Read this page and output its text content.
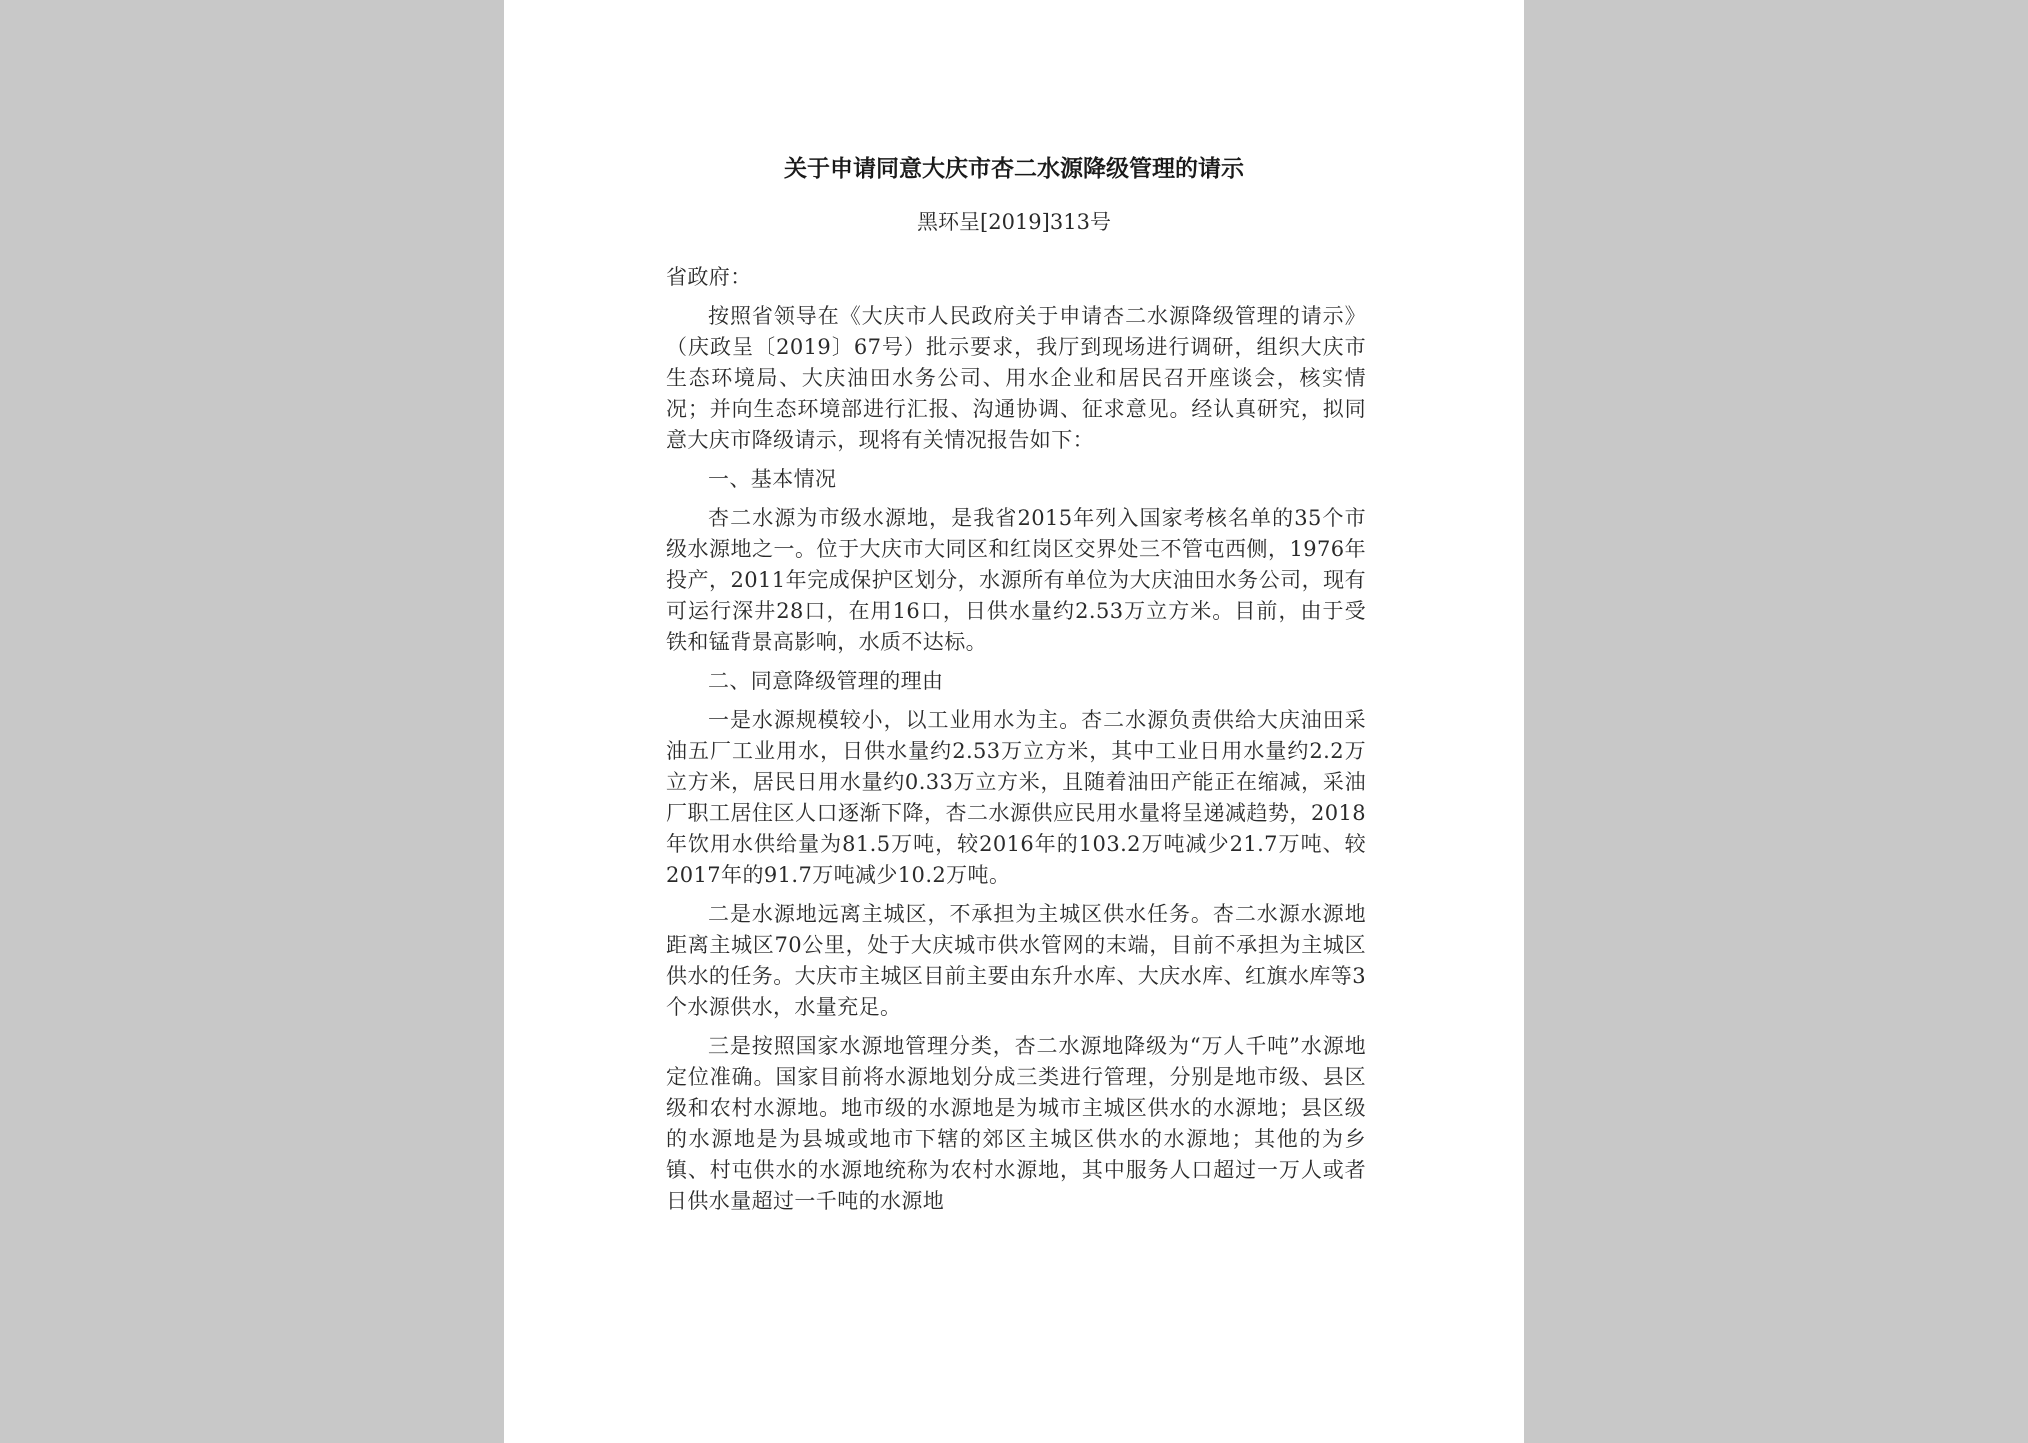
关于申请同意大庆市杏二水源降级管理的请示
黑环呈[2019]313号
省政府：
按照省领导在《大庆市人民政府关于申请杏二水源降级管理的请示》（庆政呈〔2019〕67号）批示要求，我厅到现场进行调研，组织大庆市生态环境局、大庆油田水务公司、用水企业和居民召开座谈会，核实情况；并向生态环境部进行汇报、沟通协调、征求意见。经认真研究，拟同意大庆市降级请示，现将有关情况报告如下：
一、基本情况
杏二水源为市级水源地，是我省2015年列入国家考核名单的35个市级水源地之一。位于大庆市大同区和红岗区交界处三不管屯西侧，1976年投产，2011年完成保护区划分，水源所有单位为大庆油田水务公司，现有可运行深井28口，在用16口，日供水量约2.53万立方米。目前，由于受铁和锰背景高影响，水质不达标。
二、同意降级管理的理由
一是水源规模较小，以工业用水为主。杏二水源负责供给大庆油田采油五厂工业用水，日供水量约2.53万立方米，其中工业日用水量约2.2万立方米，居民日用水量约0.33万立方米，且随着油田产能正在缩减，采油厂职工居住区人口逐渐下降，杏二水源供应民用水量将呈递减趋势，2018年饮用水供给量为81.5万吨，较2016年的103.2万吨减少21.7万吨、较2017年的91.7万吨减少10.2万吨。
二是水源地远离主城区，不承担为主城区供水任务。杏二水源水源地距离主城区70公里，处于大庆城市供水管网的末端，目前不承担为主城区供水的任务。大庆市主城区目前主要由东升水库、大庆水库、红旗水库等3个水源供水，水量充足。
三是按照国家水源地管理分类，杏二水源地降级为“万人千吨”水源地定位准确。国家目前将水源地划分成三类进行管理，分别是地市级、县区级和农村水源地。地市级的水源地是为城市主城区供水的水源地；县区级的水源地是为县城或地市下辖的郊区主城区供水的水源地；其他的为乡镇、村屯供水的水源地统称为农村水源地，其中服务人口超过一万人或者日供水量超过一千吨的水源地
